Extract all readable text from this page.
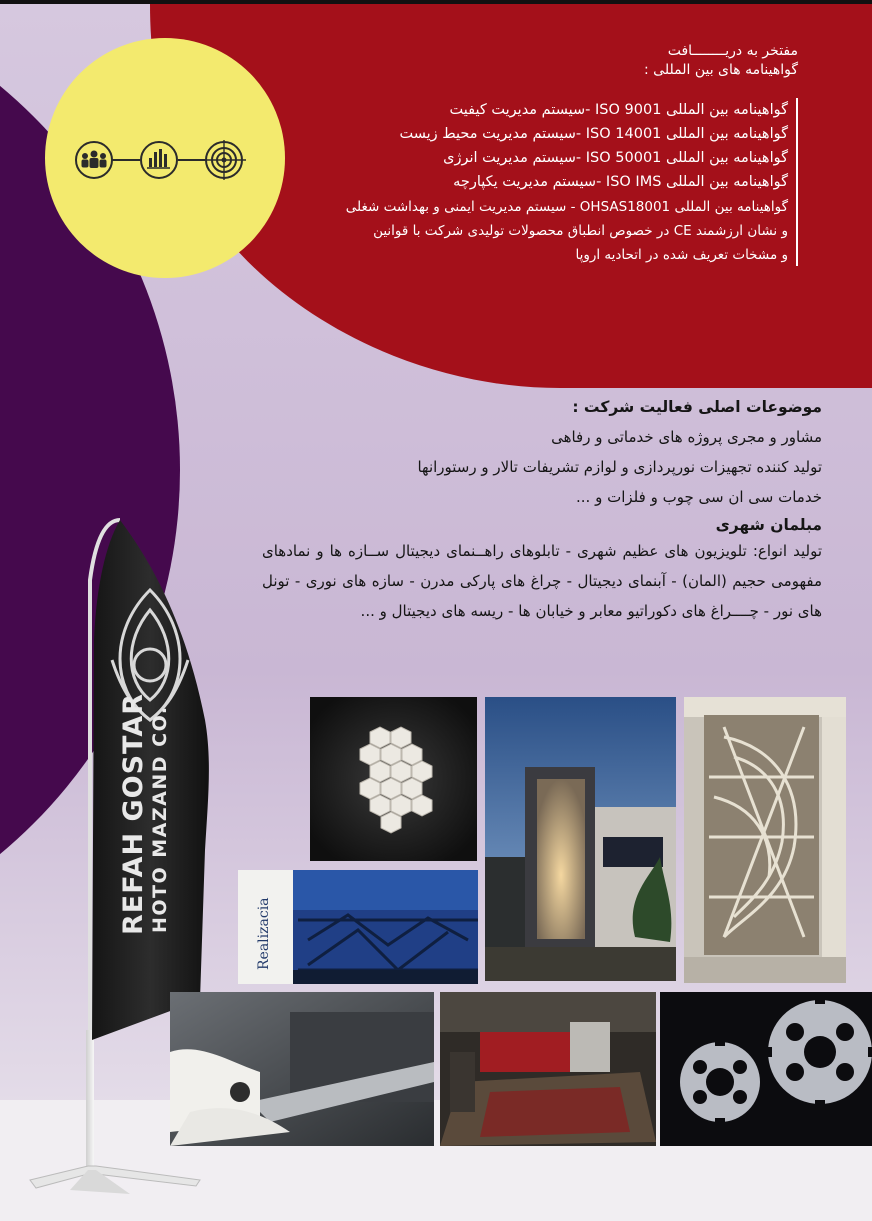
مفتخر به دریــــــــافت
گواهینامه های بین المللی :
گواهینامه بین المللی ISO 9001 -سیستم مدیریت کیفیت
گواهینامه بین المللی ISO 14001 -سیستم مدیریت محیط زیست
گواهینامه بین المللی ISO 50001 -سیستم مدیریت انرژی
گواهینامه بین المللی ISO IMS -سیستم مدیریت یکپارچه
گواهینامه بین المللی OHSAS18001 - سیستم مدیریت ایمنی و بهداشت شغلی
و نشان ارزشمند CE در خصوص انطباق محصولات تولیدی شرکت با قوانین
و مشخات تعریف شده در اتحادیه اروپا
موضوعات اصلی فعالیت شرکت :
مشاور و مجری پروژه های خدماتی و رفاهی
تولید کننده تجهیزات نورپردازی و لوازم تشریفات تالار و رستورانها
خدمات سی ان سی چوب و فلزات و ...
مبلمان شهری
تولید انواع: تلویزیون های عظیم شهری - تابلوهای راهــنمای دیجیتال ســازه ها و نمادهای مفهومی حجیم (المان) - آبنمای دیجیتال - چراغ های پارکی مدرن - سازه های نوری - تونل های نور - چــــراغ های دکوراتیو معابر و خیابان ها - ریسه های دیجیتال و ...
REFAH GOSTAR HOTO MAZAND CO.
Realizacia
